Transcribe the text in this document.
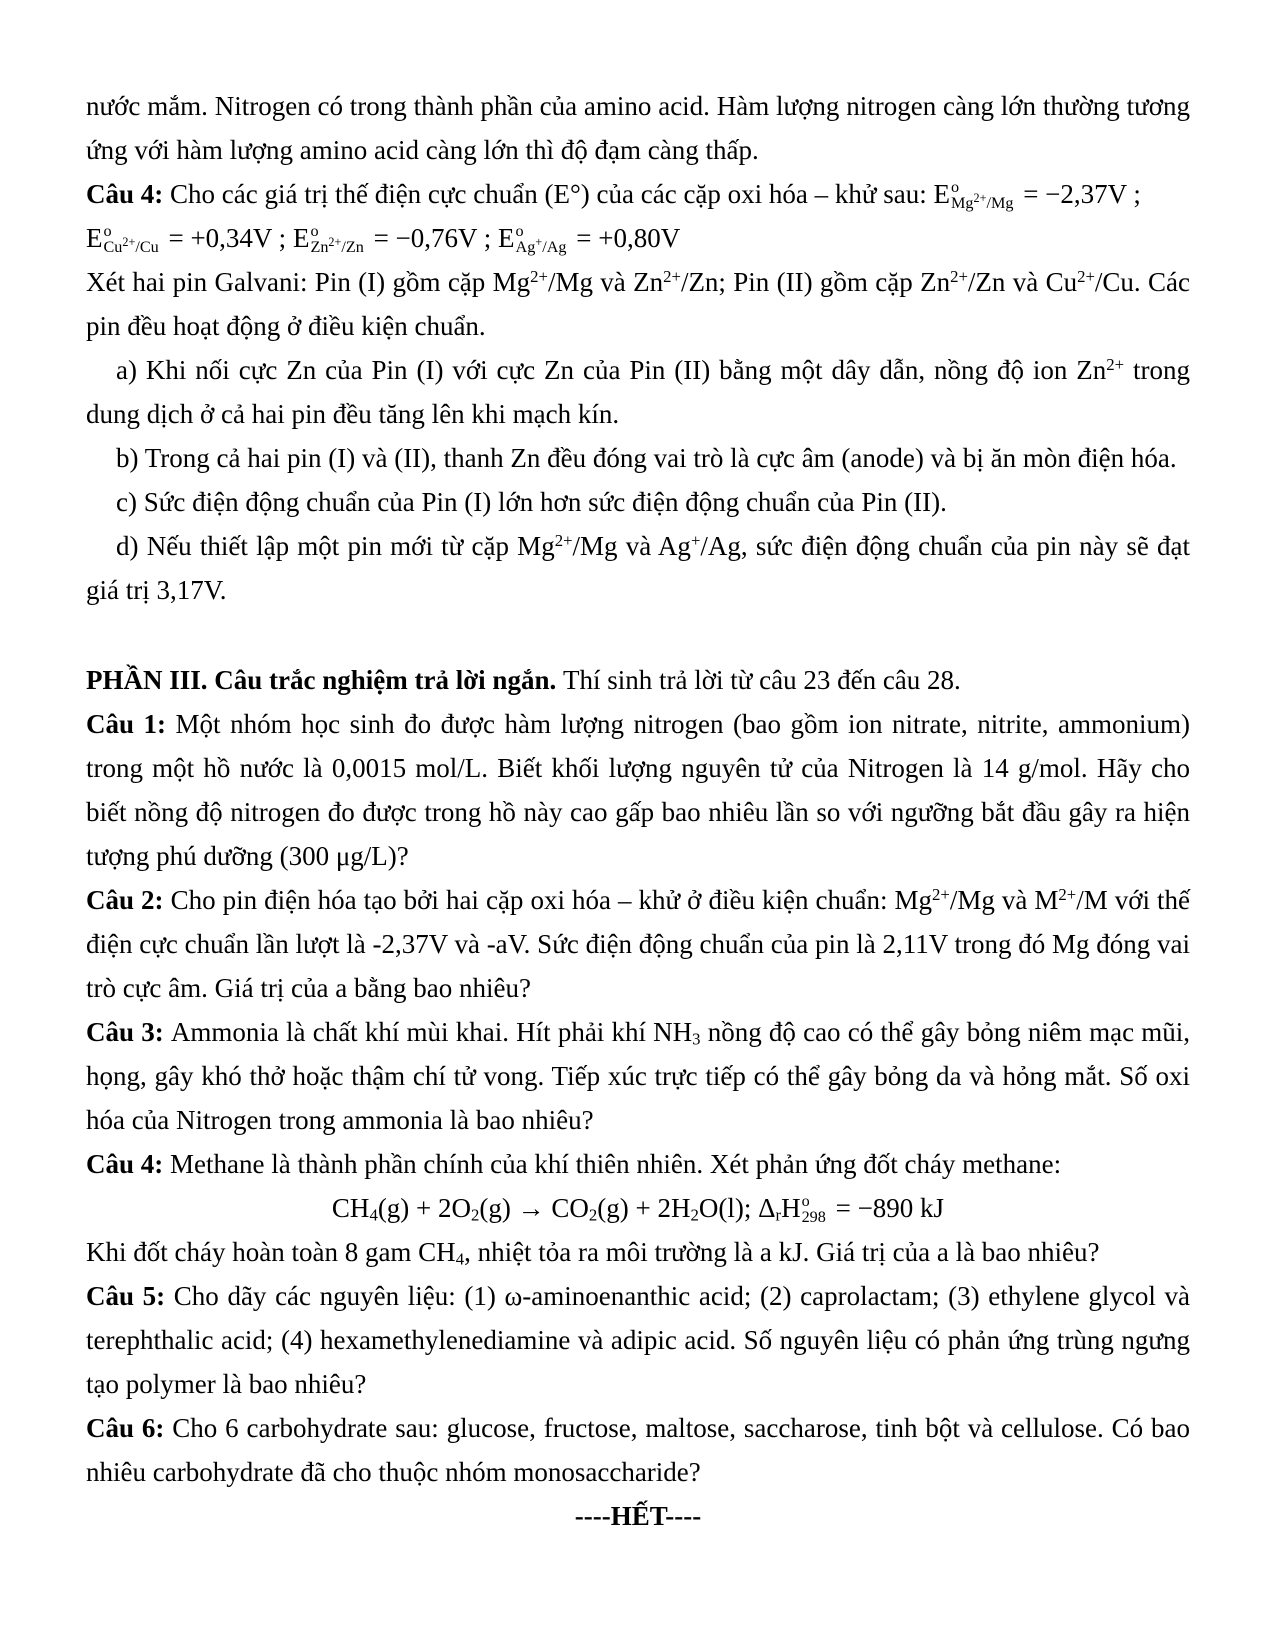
nước mắm. Nitrogen có trong thành phần của amino acid. Hàm lượng nitrogen càng lớn thường tương ứng với hàm lượng amino acid càng lớn thì độ đạm càng thấp.

Câu 4: Cho các giá trị thế điện cực chuẩn (E°) của các cặp oxi hóa – khử sau: E o
$Mg^{2+}/Mg = -2,37V$ ;

E o
$Cu^{2+}/Cu = +0,34V$ ; E o
$Zn^{2+}/Zn = -0,76V$ ; E o
Ag+/Ag = +0,80V

Xét hai pin Galvani: Pin (I) gồm cặp $Mg^{2+}/Mg$ và $Zn^{2+}/Zn$; Pin (II) gồm cặp $Zn^{2+}/Zn$ và $Cu^{2+}/Cu$. Các pin đều hoạt động ở điều kiện chuẩn.

a) Khi nối cực Zn của Pin (I) với cực Zn của Pin (II) bằng một dây dẫn, nồng độ ion $Zn^{2+}$ trong dung dịch ở cả hai pin đều tăng lên khi mạch kín.

b) Trong cả hai pin (I) và (II), thanh Zn đều đóng vai trò là cực âm (anode) và bị ăn mòn điện hóa.

c) Sức điện động chuẩn của Pin (I) lớn hơn sức điện động chuẩn của Pin (II).

d) Nếu thiết lập một pin mới từ cặp $Mg^{2+}/Mg$ và Ag+/Ag, sức điện động chuẩn của pin này sẽ đạt giá trị 3,17V.

PHẦN III. Câu trắc nghiệm trả lời ngắn. Thí sinh trả lời từ câu 23 đến câu 28.

Câu 1: Một nhóm học sinh đo được hàm lượng nitrogen (bao gồm ion nitrate, nitrite, ammonium) trong một hồ nước là 0,0015 mol/L. Biết khối lượng nguyên tử của Nitrogen là 14 g/mol. Hãy cho biết nồng độ nitrogen đo được trong hồ này cao gấp bao nhiêu lần so với ngưỡng bắt đầu gây ra hiện tượng phú dưỡng (300 μg/L)?

Câu 2: Cho pin điện hóa tạo bởi hai cặp oxi hóa – khử ở điều kiện chuẩn: $Mg^{2+}/Mg$ và $M^{2+}/M$ với thế điện cực chuẩn lần lượt là -2,37V và -aV. Sức điện động chuẩn của pin là 2,11V trong đó Mg đóng vai trò cực âm. Giá trị của a bằng bao nhiêu?

Câu 3: Ammonia là chất khí mùi khai. Hít phải khí $NH_3$ nồng độ cao có thể gây bỏng niêm mạc mũi, họng, gây khó thở hoặc thậm chí tử vong. Tiếp xúc trực tiếp có thể gây bỏng da và hỏng mắt. Số oxi hóa của Nitrogen trong ammonia là bao nhiêu?

Câu 4: Methane là thành phần chính của khí thiên nhiên. Xét phản ứng đốt cháy methane:

$CH_4(g) + 2O_2(g) \to CO_2(g) + 2H_2O(l)$; $\Delta_rH$ o
298 = −890 kJ

Khi đốt cháy hoàn toàn 8 gam $CH_4$, nhiệt tỏa ra môi trường là a kJ. Giá trị của a là bao nhiêu?

Câu 5: Cho dãy các nguyên liệu: (1) ω-aminoenanthic acid; (2) caprolactam; (3) ethylene glycol và terephthalic acid; (4) hexamethylenediamine và adipic acid. Số nguyên liệu có phản ứng trùng ngưng tạo polymer là bao nhiêu?

Câu 6: Cho 6 carbohydrate sau: glucose, fructose, maltose, saccharose, tinh bột và cellulose. Có bao nhiêu carbohydrate đã cho thuộc nhóm monosaccharide?

----HẾT----
